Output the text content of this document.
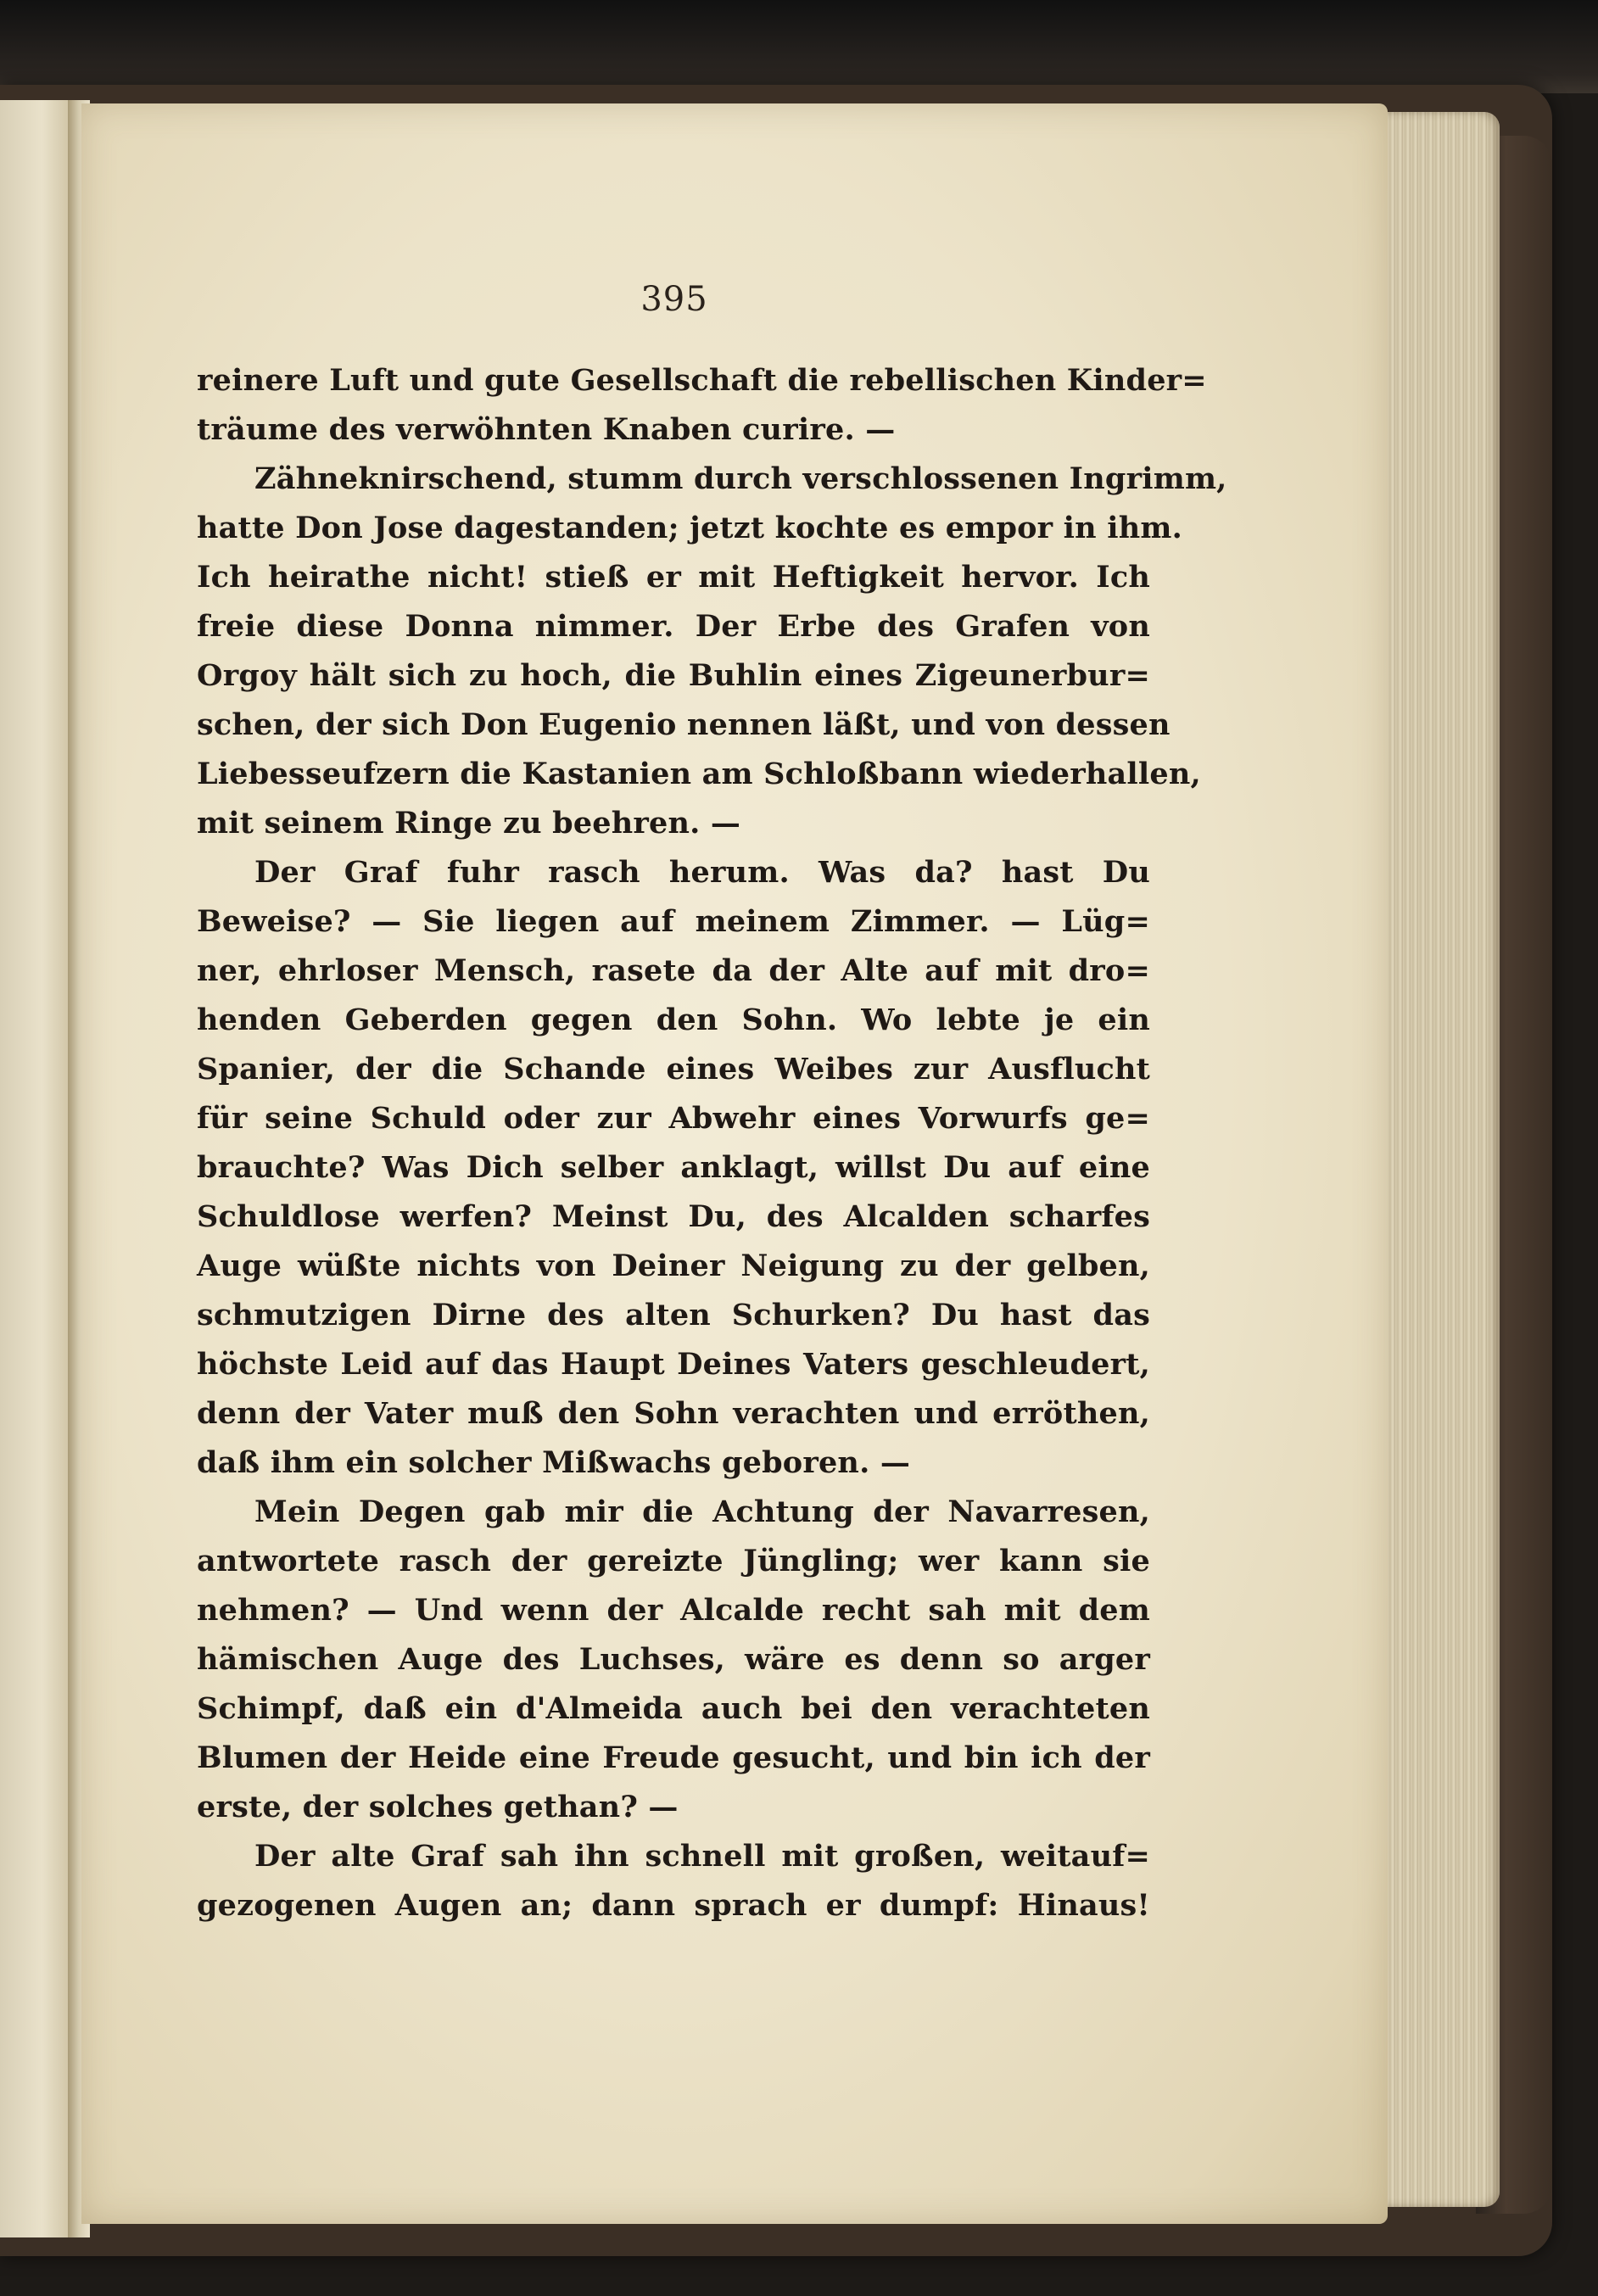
395
reinere Luft und gute Gesellschaft die rebellischen Kinder=
träume des verwöhnten Knaben curire. —
Zähneknirschend, stumm durch verschlossenen Ingrimm,
hatte Don Jose dagestanden; jetzt kochte es empor in ihm.
Ich heirathe nicht! stieß er mit Heftigkeit hervor. Ich
freie diese Donna nimmer. Der Erbe des Grafen von
Orgoy hält sich zu hoch, die Buhlin eines Zigeunerbur=
schen, der sich Don Eugenio nennen läßt, und von dessen
Liebesseufzern die Kastanien am Schloßbann wiederhallen,
mit seinem Ringe zu beehren. —
Der Graf fuhr rasch herum. Was da? hast Du
Beweise? — Sie liegen auf meinem Zimmer. — Lüg=
ner, ehrloser Mensch, rasete da der Alte auf mit dro=
henden Geberden gegen den Sohn. Wo lebte je ein
Spanier, der die Schande eines Weibes zur Ausflucht
für seine Schuld oder zur Abwehr eines Vorwurfs ge=
brauchte? Was Dich selber anklagt, willst Du auf eine
Schuldlose werfen? Meinst Du, des Alcalden scharfes
Auge wüßte nichts von Deiner Neigung zu der gelben,
schmutzigen Dirne des alten Schurken? Du hast das
höchste Leid auf das Haupt Deines Vaters geschleudert,
denn der Vater muß den Sohn verachten und erröthen,
daß ihm ein solcher Mißwachs geboren. —
Mein Degen gab mir die Achtung der Navarresen,
antwortete rasch der gereizte Jüngling; wer kann sie
nehmen? — Und wenn der Alcalde recht sah mit dem
hämischen Auge des Luchses, wäre es denn so arger
Schimpf, daß ein d'Almeida auch bei den verachteten
Blumen der Heide eine Freude gesucht, und bin ich der
erste, der solches gethan? —
Der alte Graf sah ihn schnell mit großen, weitauf=
gezogenen Augen an; dann sprach er dumpf: Hinaus!
